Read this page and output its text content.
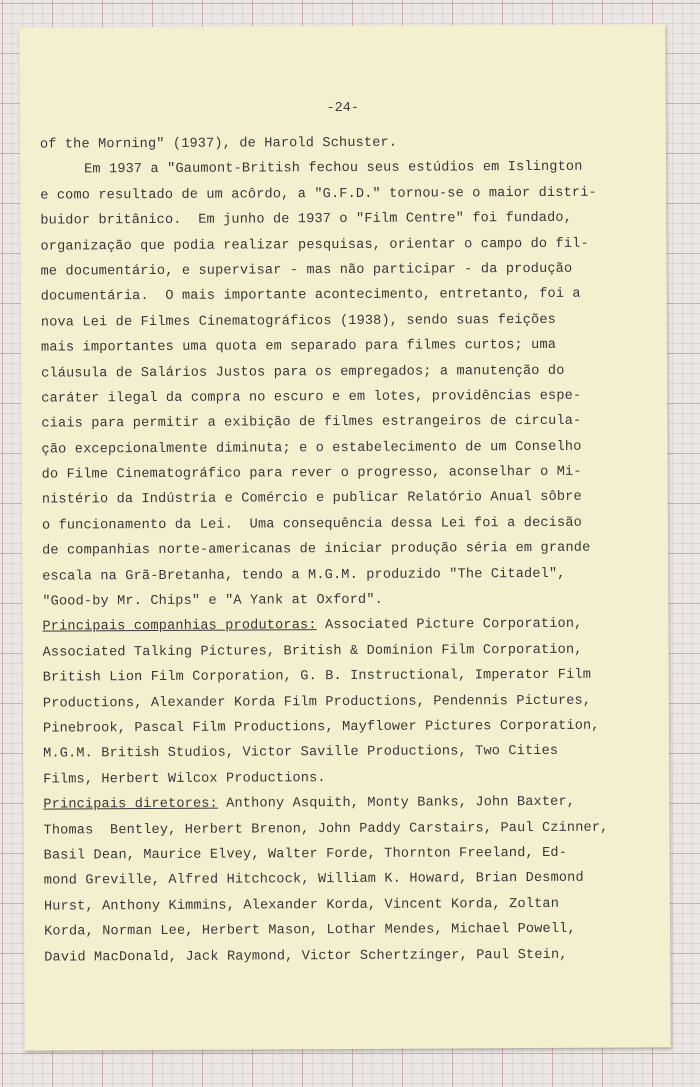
-24-
of the Morning" (1937), de Harold Schuster.
Em 1937 a "Gaumont-British fechou seus estúdios em Islington
e como resultado de um acôrdo, a "G.F.D." tornou-se o maior distri-
buidor britânico.  Em junho de 1937 o "Film Centre" foi fundado,
organização que podia realizar pesquisas, orientar o campo do fil-
me documentário, e supervisar - mas não participar - da produção
documentária.  O mais importante acontecimento, entretanto, foi a
nova Lei de Filmes Cinematográficos (1938), sendo suas feições
mais importantes uma quota em separado para filmes curtos; uma
cláusula de Salários Justos para os empregados; a manutenção do
caráter ilegal da compra no escuro e em lotes, providências espe-
ciais para permitir a exibição de filmes estrangeiros de circula-
ção excepcionalmente diminuta; e o estabelecimento de um Conselho
do Filme Cinematográfico para rever o progresso, aconselhar o Mi-
nistério da Indústria e Comércio e publicar Relatório Anual sôbre
o funcionamento da Lei.  Uma consequência dessa Lei foi a decisão
de companhias norte-americanas de iniciar produção séria em grande
escala na Grã-Bretanha, tendo a M.G.M. produzido "The Citadel",
"Good-by Mr. Chips" e "A Yank at Oxford".
Principais companhias produtoras: Associated Picture Corporation,
Associated Talking Pictures, British & Dominion Film Corporation,
British Lion Film Corporation, G. B. Instructional, Imperator Film
Productions, Alexander Korda Film Productions, Pendennis Pictures,
Pinebrook, Pascal Film Productions, Mayflower Pictures Corporation,
M.G.M. British Studios, Victor Saville Productions, Two Cities
Films, Herbert Wilcox Productions.
Principais diretores: Anthony Asquith, Monty Banks, John Baxter,
Thomas  Bentley, Herbert Brenon, John Paddy Carstairs, Paul Czinner,
Basil Dean, Maurice Elvey, Walter Forde, Thornton Freeland, Ed-
mond Greville, Alfred Hitchcock, William K. Howard, Brian Desmond
Hurst, Anthony Kimmins, Alexander Korda, Vincent Korda, Zoltan
Korda, Norman Lee, Herbert Mason, Lothar Mendes, Michael Powell,
David MacDonald, Jack Raymond, Victor Schertzinger, Paul Stein,
